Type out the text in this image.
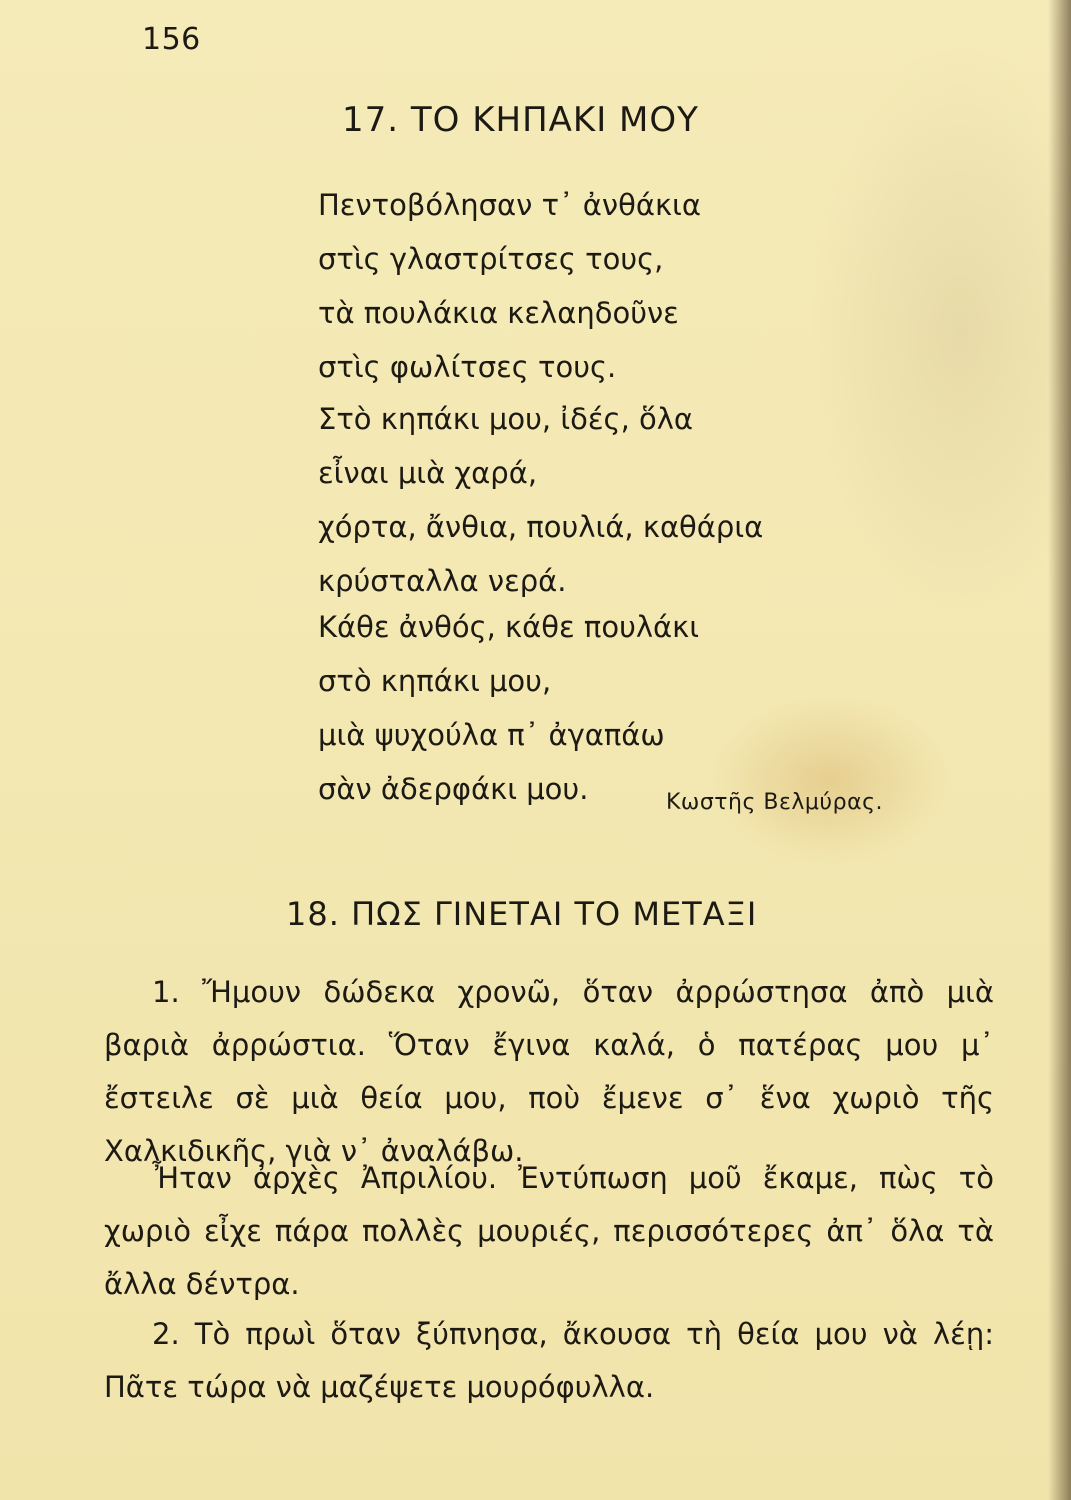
156
17. ΤΟ ΚΗΠΑΚΙ ΜΟΥ
Πεντοβόλησαν τ᾿ ἀνθάκια
στὶς γλαστρίτσες τους,
τὰ πουλάκια κελαηδοῦνε
στὶς φωλίτσες τους.
Στὸ κηπάκι μου, ἰδές, ὅλα
εἶναι μιὰ χαρά,
χόρτα, ἄνθια, πουλιά, καθάρια
κρύσταλλα νερά.
Κάθε ἀνθός, κάθε πουλάκι
στὸ κηπάκι μου,
μιὰ ψυχούλα π᾿ ἀγαπάω
σὰν ἀδερφάκι μου.	Κωστῆς Βελμύρας.
18. ΠΩΣ ΓΙΝΕΤΑΙ ΤΟ ΜΕΤΑΞΙ
1. Ἤμουν δώδεκα χρονῶ, ὅταν ἀρρώστησα ἀπὸ μιὰ βαριὰ ἀρρώστια. Ὅταν ἔγινα καλά, ὁ πατέρας μου μ᾿ ἔστειλε σὲ μιὰ θεία μου, ποὺ ἔμενε σ᾿ ἕνα χωριὸ τῆς Χαλκιδικῆς, γιὰ ν᾿ ἀναλάβω.
Ἦταν ἀρχὲς Ἀπριλίου. Ἐντύπωση μοῦ ἔκαμε, πὼς τὸ χωριὸ εἶχε πάρα πολλὲς μουριές, περισσότερες ἀπ᾿ ὅλα τὰ ἄλλα δέντρα.
2. Τὸ πρωὶ ὅταν ξύπνησα, ἄκουσα τὴ θεία μου νὰ λέῃ: Πᾶτε τώρα νὰ μαζέψετε μουρόφυλλα.
